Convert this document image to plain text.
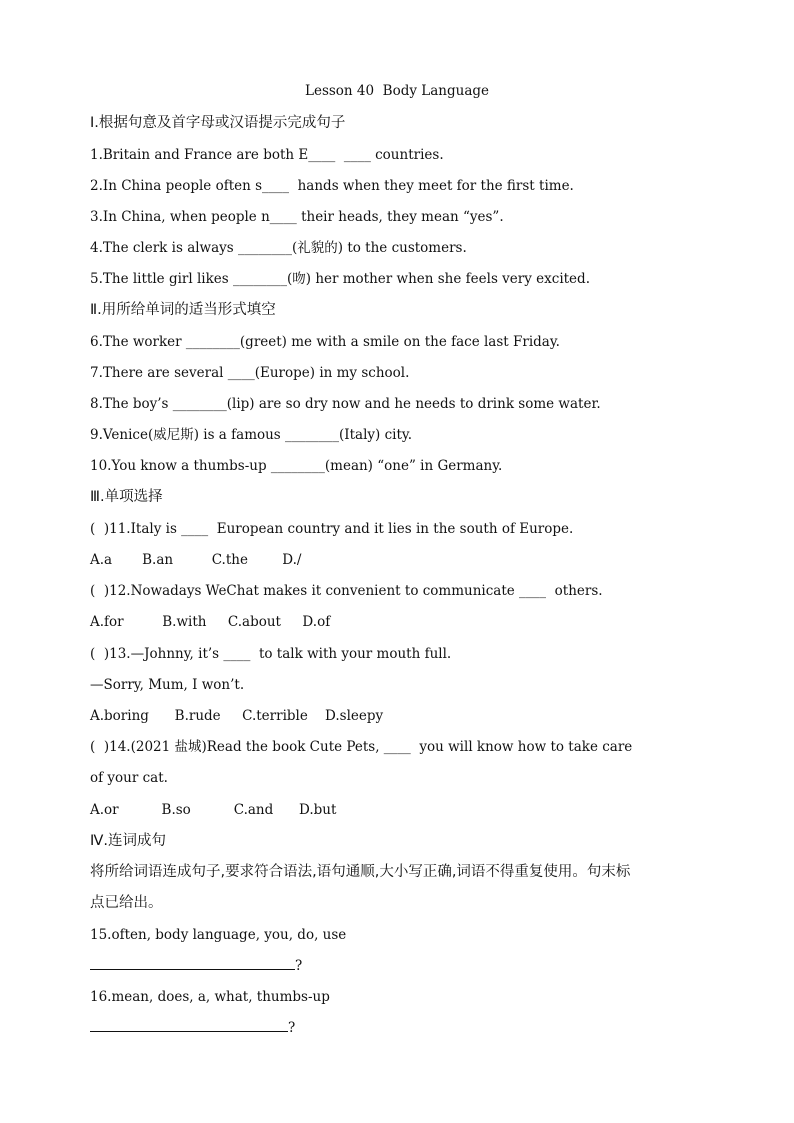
Lesson 40  Body Language
Ⅰ.根据句意及首字母或汉语提示完成句子
1.Britain and France are both E____  ____ countries.
2.In China people often s____  hands when they meet for the first time.
3.In China, when people n____ their heads, they mean “yes”.
4.The clerk is always ________(礼貌的) to the customers.
5.The little girl likes ________(吻) her mother when she feels very excited.
Ⅱ.用所给单词的适当形式填空
6.The worker ________(greet) me with a smile on the face last Friday.
7.There are several ____(Europe) in my school.
8.The boy’s ________(lip) are so dry now and he needs to drink some water.
9.Venice(威尼斯) is a famous ________(Italy) city.
10.You know a thumbs-up ________(mean) “one” in Germany.
Ⅲ.单项选择
(  )11.Italy is ____  European country and it lies in the south of Europe.
A.a       B.an         C.the        D./
(  )12.Nowadays WeChat makes it convenient to communicate ____  others.
A.for         B.with     C.about     D.of
(  )13.—Johnny, it’s ____  to talk with your mouth full.
—Sorry, Mum, I won’t.
A.boring      B.rude     C.terrible    D.sleepy
(  )14.(2021 盐城)Read the book Cute Pets, ____  you will know how to take care
of your cat.
A.or          B.so          C.and      D.but
Ⅳ.连词成句
将所给词语连成句子,要求符合语法,语句通顺,大小写正确,词语不得重复使用。句末标
点已给出。
15.often, body language, you, do, use
?
16.mean, does, a, what, thumbs-up
?
